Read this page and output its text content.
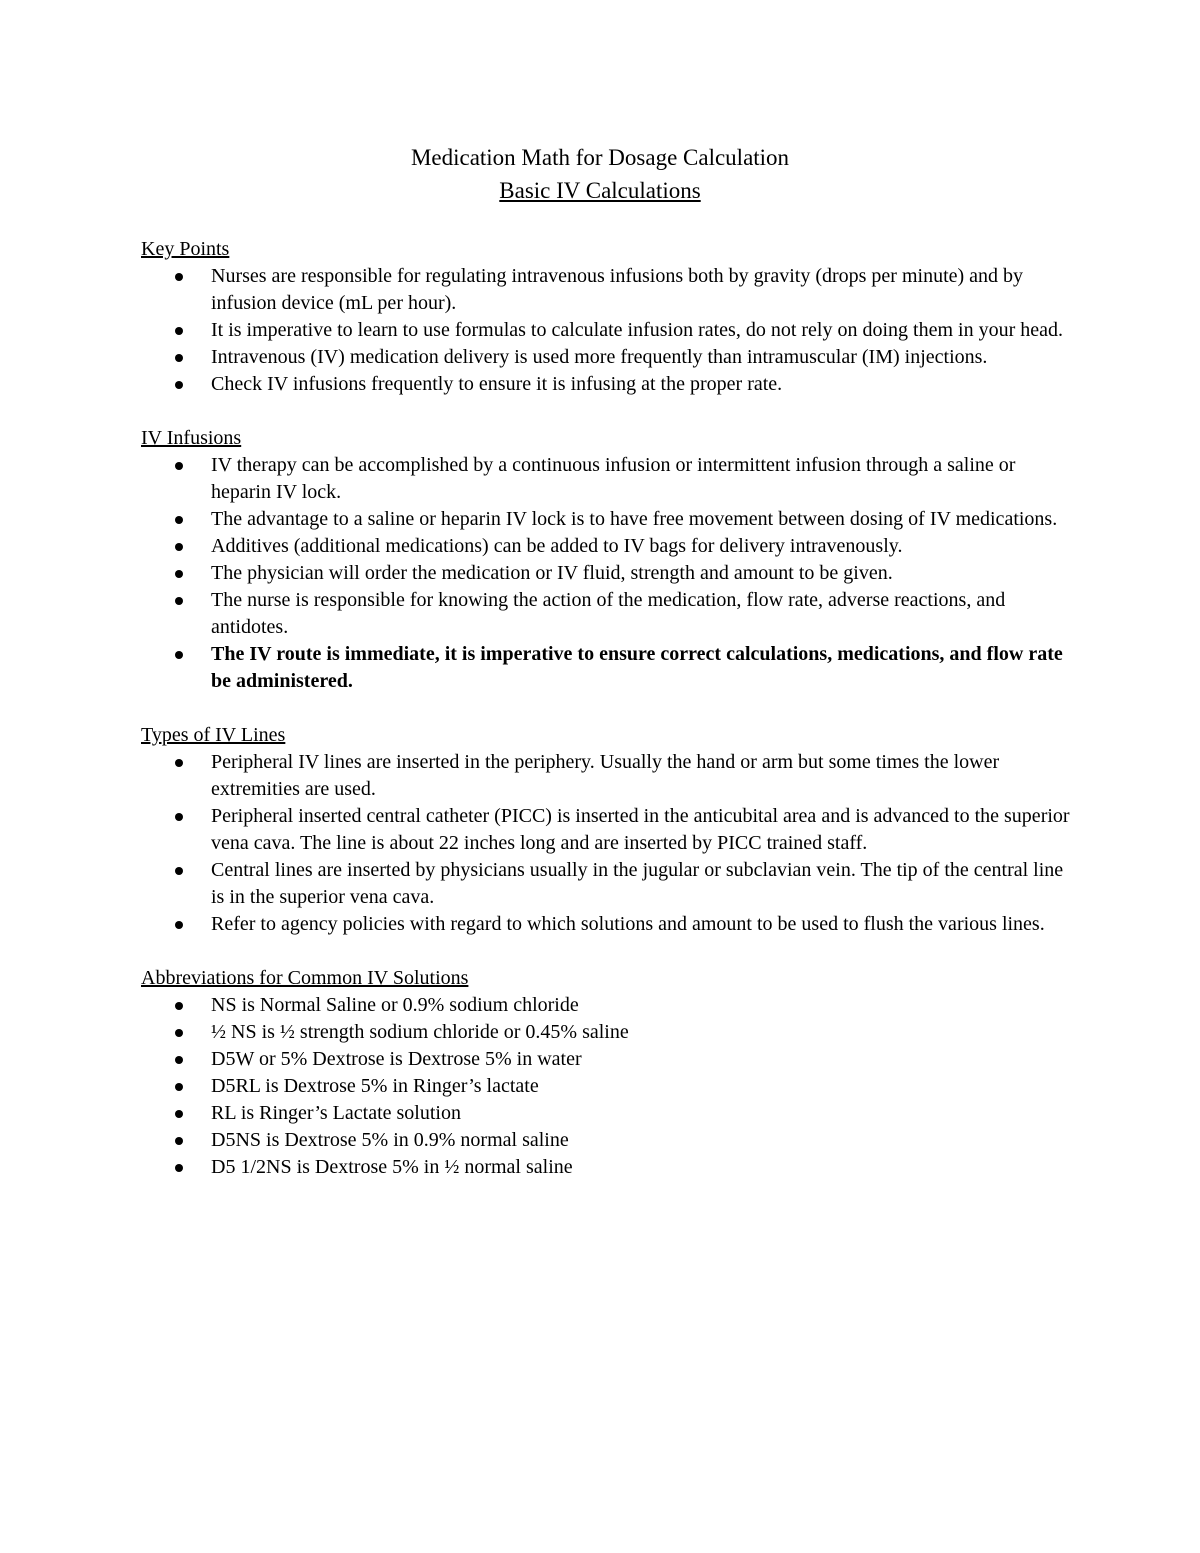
Medication Math for Dosage Calculation
Basic IV Calculations
Key Points
Nurses are responsible for regulating intravenous infusions both by gravity (drops per minute) and by infusion device (mL per hour).
It is imperative to learn to use formulas to calculate infusion rates, do not rely on doing them in your head.
Intravenous (IV) medication delivery is used more frequently than intramuscular (IM) injections.
Check IV infusions frequently to ensure it is infusing at the proper rate.
IV Infusions
IV therapy can be accomplished by a continuous infusion or intermittent infusion through a saline or heparin IV lock.
The advantage to a saline or heparin IV lock is to have free movement between dosing of IV medications.
Additives (additional medications) can be added to IV bags for delivery intravenously.
The physician will order the medication or IV fluid, strength and amount to be given.
The nurse is responsible for knowing the action of the medication, flow rate, adverse reactions, and antidotes.
The IV route is immediate, it is imperative to ensure correct calculations, medications, and flow rate be administered.
Types of IV Lines
Peripheral IV lines are inserted in the periphery. Usually the hand or arm but some times the lower extremities are used.
Peripheral inserted central catheter (PICC) is inserted in the anticubital area and is advanced to the superior vena cava. The line is about 22 inches long and are inserted by PICC trained staff.
Central lines are inserted by physicians usually in the jugular or subclavian vein. The tip of the central line is in the superior vena cava.
Refer to agency policies with regard to which solutions and amount to be used to flush the various lines.
Abbreviations for Common IV Solutions
NS is Normal Saline or 0.9% sodium chloride
½ NS is ½ strength sodium chloride or 0.45% saline
D5W or 5% Dextrose is Dextrose 5% in water
D5RL is Dextrose 5% in Ringer’s lactate
RL is Ringer’s Lactate solution
D5NS is Dextrose 5% in 0.9% normal saline
D5 1/2NS is Dextrose 5% in ½ normal saline
